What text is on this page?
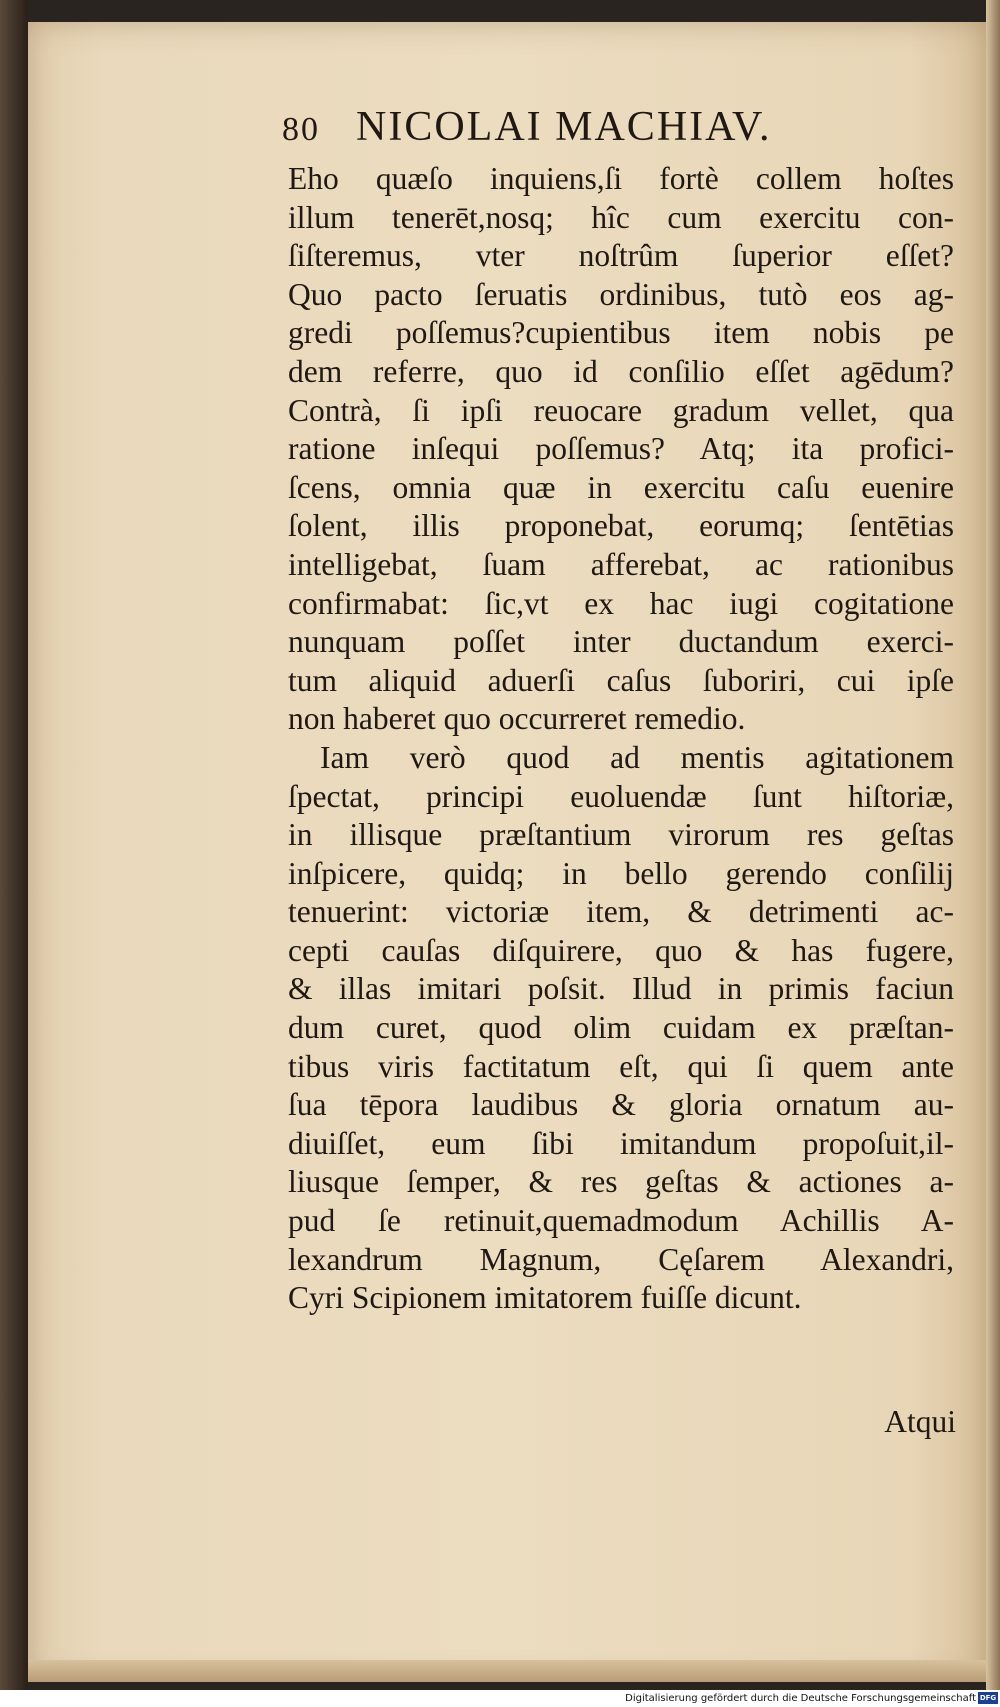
80 NICOLAI MACHIAV.
Eho quæſo inquiens,ſi fortè collem hoſtes
illum tenerēt,nosq; hîc cum exercitu con-
ſiſteremus, vter noſtrûm ſuperior eſſet?
Quo pacto ſeruatis ordinibus, tutò eos ag-
gredi poſſemus?cupientibus item nobis pe
dem referre, quo id conſilio eſſet agēdum?
Contrà, ſi ipſi reuocare gradum vellet, qua
ratione inſequi poſſemus? Atq; ita profici-
ſcens, omnia quæ in exercitu caſu euenire
ſolent, illis proponebat, eorumq; ſentētias
intelligebat, ſuam afferebat, ac rationibus
confirmabat: ſic,vt ex hac iugi cogitatione
nunquam poſſet inter ductandum exerci-
tum aliquid aduerſi caſus ſuboriri, cui ipſe
non haberet quo occurreret remedio.
Iam verò quod ad mentis agitationem
ſpectat, principi euoluendæ ſunt hiſtoriæ,
in illisque præſtantium virorum res geſtas
inſpicere, quidq; in bello gerendo conſilij
tenuerint: victoriæ item, & detrimenti ac-
cepti cauſas diſquirere, quo & has fugere,
& illas imitari poſsit. Illud in primis faciun
dum curet, quod olim cuidam ex præſtan-
tibus viris factitatum eſt, qui ſi quem ante
ſua tēpora laudibus & gloria ornatum au-
diuiſſet, eum ſibi imitandum propoſuit,il-
liusque ſemper, & res geſtas & actiones a-
pud ſe retinuit,quemadmodum Achillis A-
lexandrum Magnum, Cęſarem Alexandri,
Cyri Scipionem imitatorem fuiſſe dicunt.
Atqui
Digitalisierung gefördert durch die Deutsche Forschungsgemeinschaft DFG
